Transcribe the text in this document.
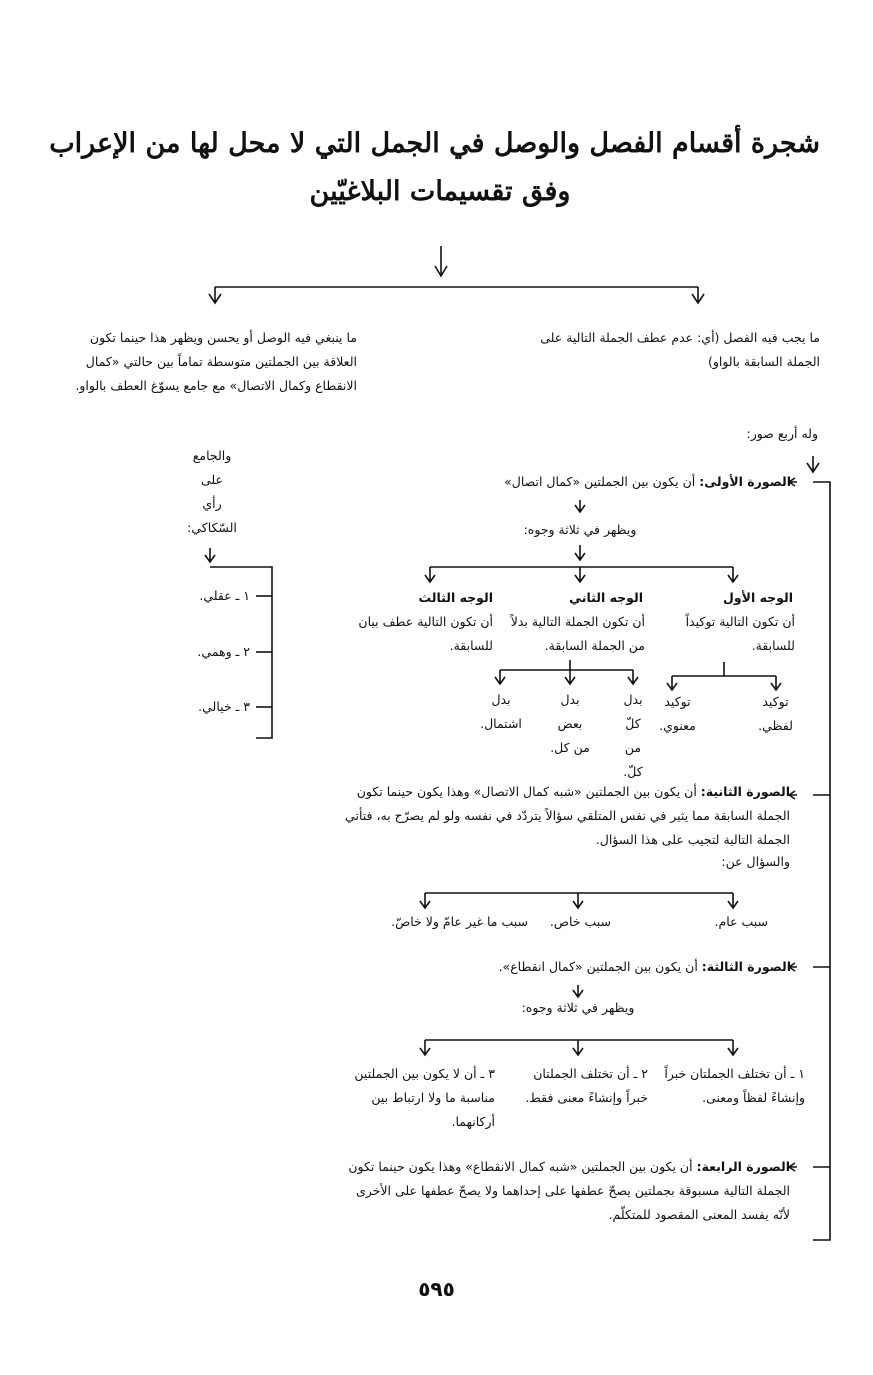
شجرة أقسام الفصل والوصل في الجمل التي لا محل لها من الإعراب
وفق تقسيمات البلاغيّين
ما يجب فيه الفصل (أي: عدم عطف الجملة التالية على الجملة السابقة بالواو)
وله أربع صور:
ما ينبغي فيه الوصل أو يحسن ويظهر هذا حينما تكون العلاقة بين الجملتين متوسطة تماماً بين حالتي «كمال الانقطاع وكمال الاتصال» مع جامع يسوّغ العطف بالواو.
والجامع
على
رأي
السّكاكي:
١ ـ عقلي.
٢ ـ وهمي.
٣ ـ خيالي.
الصورة الأولى: أن يكون بين الجملتين «كمال اتصال»
ويظهر في ثلاثة وجوه:
الوجه الأول
أن تكون التالية توكيداً للسابقة.
الوجه الثاني
أن تكون الجملة التالية بدلاً من الجملة السابقة.
الوجه الثالث
أن تكون التالية عطف بيان للسابقة.
توكيد لفظي.
توكيد معنوي.
بدل كلّ من كلّ.
بدل بعض من كل.
بدل اشتمال.
الصورة الثانية: أن يكون بين الجملتين «شبه كمال الاتصال» وهذا يكون حينما تكون الجملة السابقة مما يثير في نفس المتلقي سؤالاً يتردّد في نفسه ولو لم يصرّح به، فتأتي الجملة التالية لتجيب على هذا السؤال.
والسؤال عن:
سبب عام.
سبب خاص.
سبب ما غير عامّ ولا خاصّ.
الصورة الثالثة: أن يكون بين الجملتين «كمال انقطاع».
ويظهر في ثلاثة وجوه:
١ ـ أن تختلف الجملتان خبراً وإنشاءً لفظاً ومعنى.
٢ ـ أن تختلف الجملتان خبراً وإنشاءً معنى فقط.
٣ ـ أن لا يكون بين الجملتين مناسبة ما ولا ارتباط بين أركانهما.
الصورة الرابعة: أن يكون بين الجملتين «شبه كمال الانقطاع» وهذا يكون حينما تكون الجملة التالية مسبوقة بجملتين يصحّ عطفها على إحداهما ولا يصحّ عطفها على الأخرى لأنّه يفسد المعنى المقصود للمتكلّم.
٥٩٥
